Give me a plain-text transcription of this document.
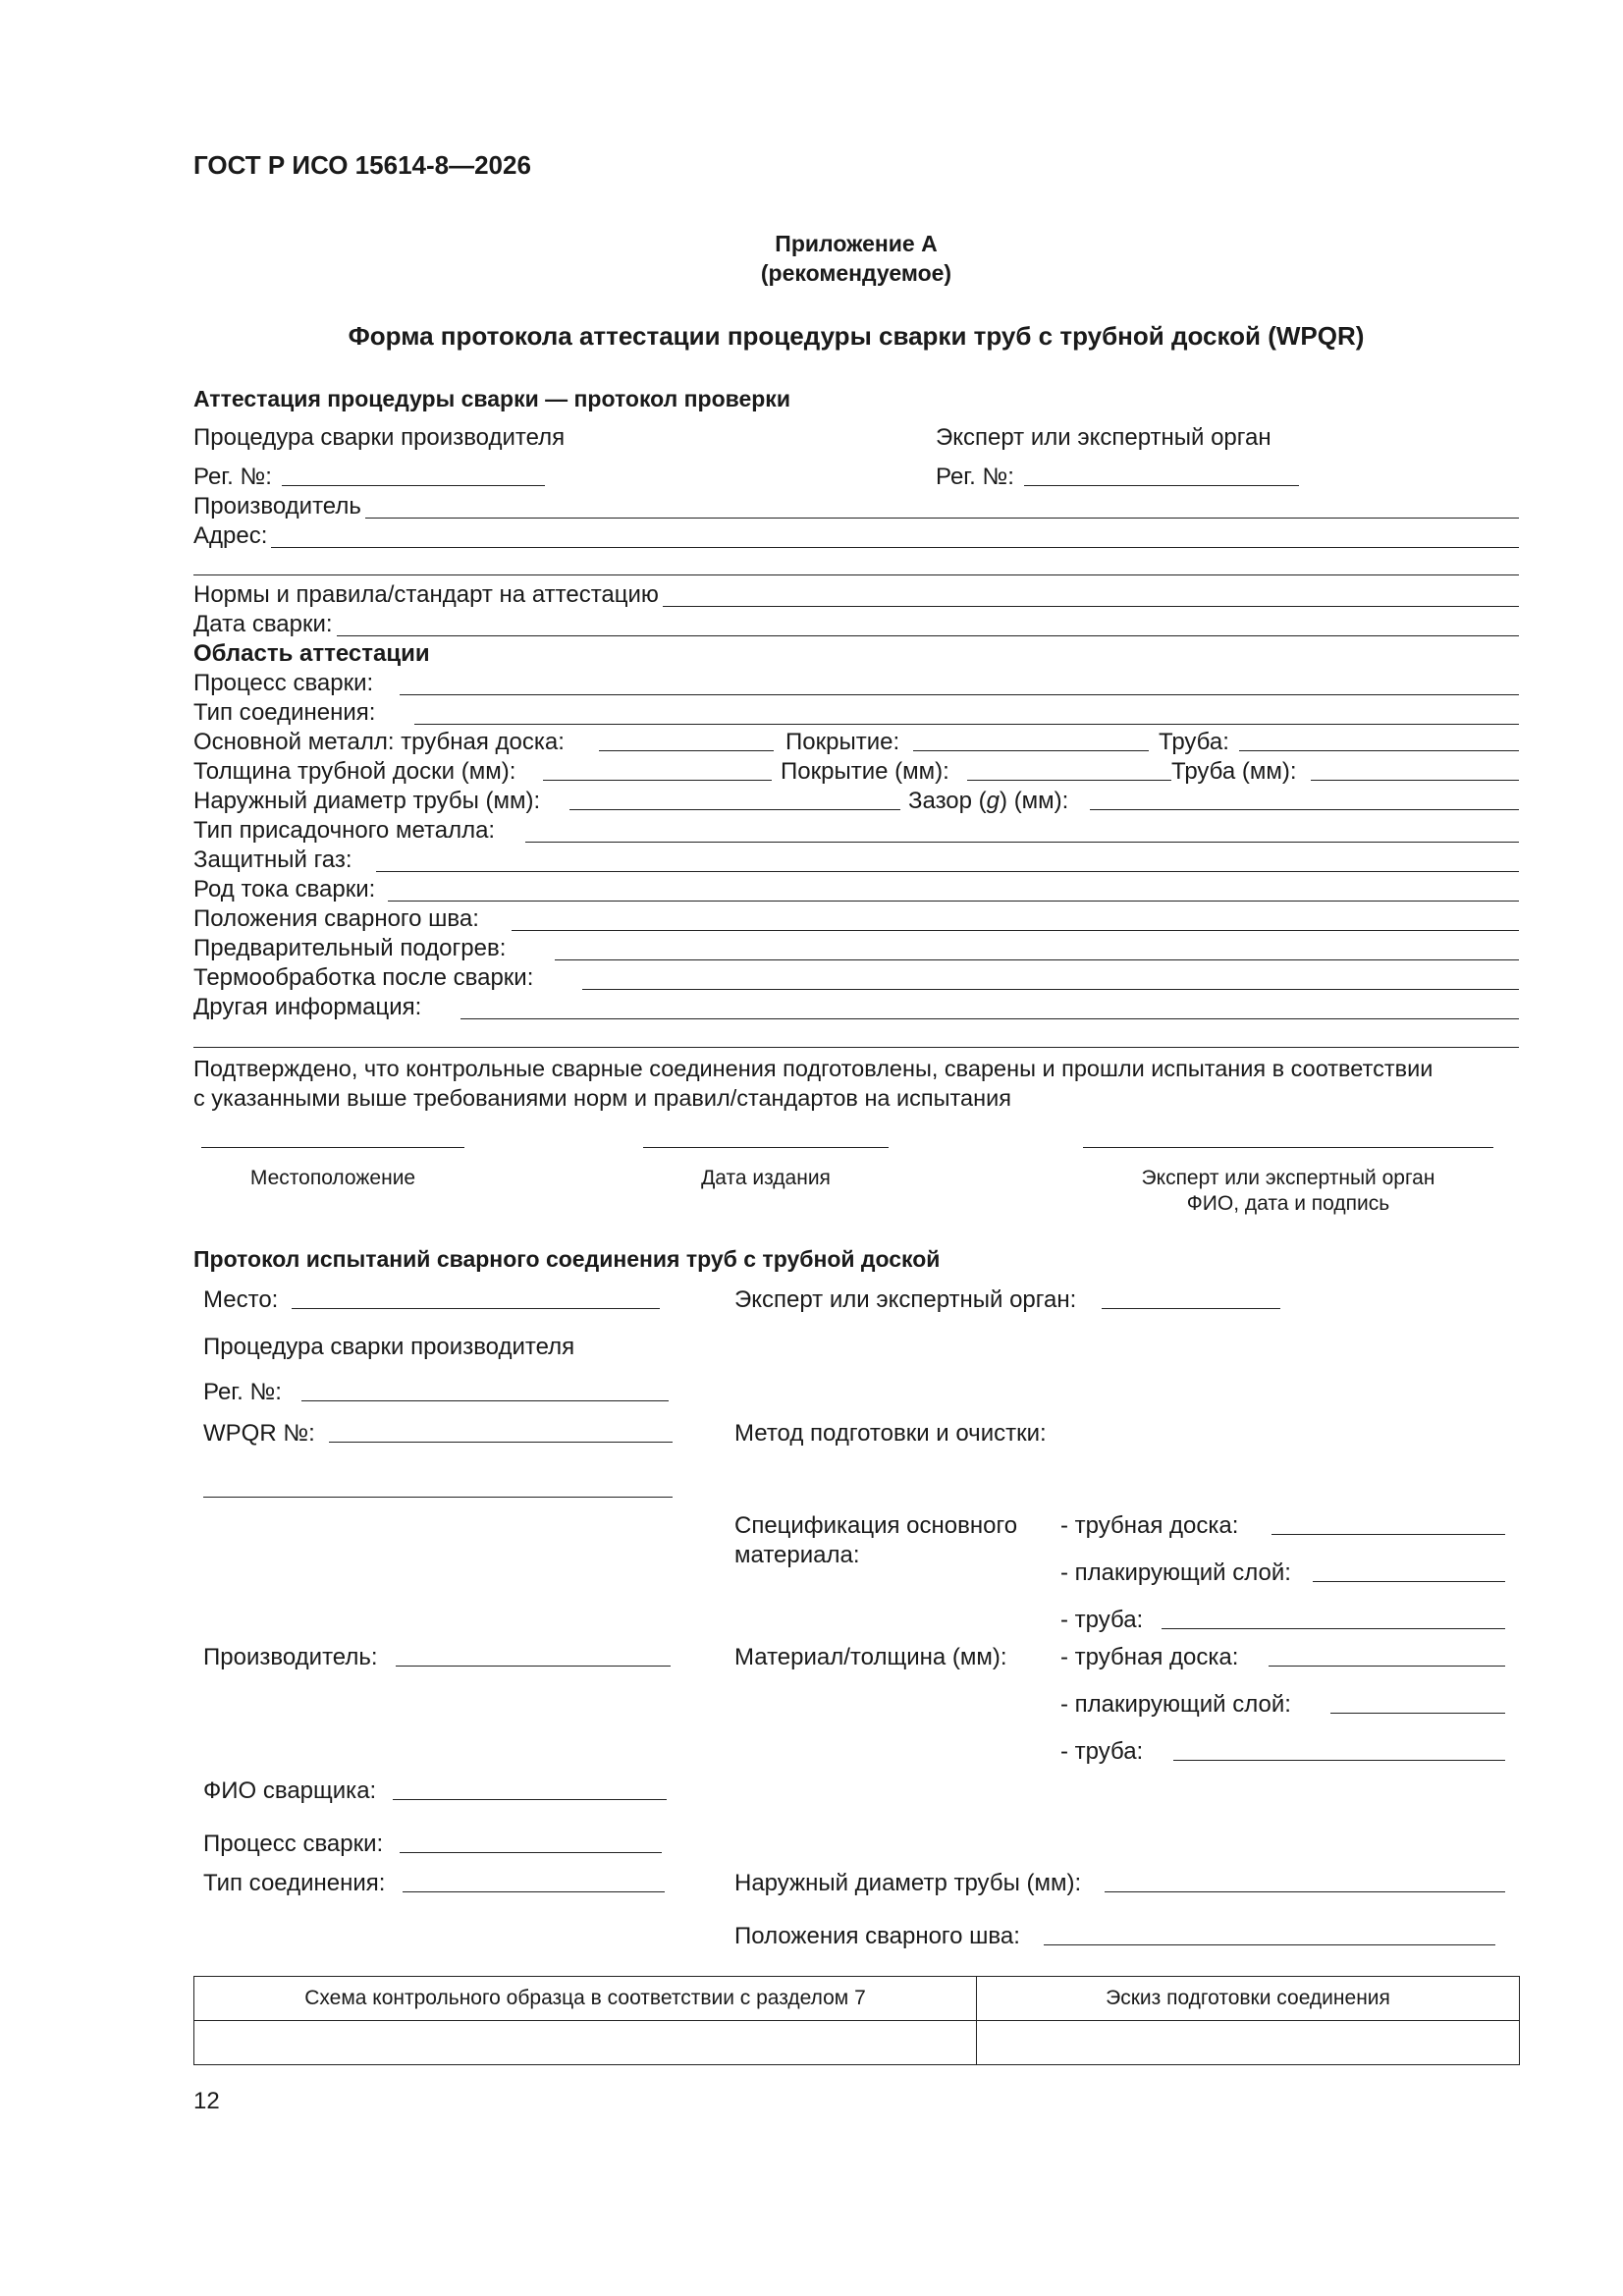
ГОСТ Р ИСО 15614-8—2026
Приложение А
(рекомендуемое)
Форма протокола аттестации процедуры сварки труб с трубной доской (WPQR)
Аттестация процедуры сварки — протокол проверки
Процедура сварки производителя	Эксперт или экспертный орган
Рег. №:	Рег. №:
Производитель
Адрес:
Нормы и правила/стандарт на аттестацию
Дата сварки:
Область аттестации
Процесс сварки:
Тип соединения:
Основной металл: трубная доска:	Покрытие:	Труба:
Толщина трубной доски (мм):	Покрытие (мм):	Труба (мм):
Наружный диаметр трубы (мм):	Зазор (g) (мм):
Тип присадочного металла:
Защитный газ:
Род тока сварки:
Положения сварного шва:
Предварительный подогрев:
Термообработка после сварки:
Другая информация:
Подтверждено, что контрольные сварные соединения подготовлены, сварены и прошли испытания в соответствии
с указанными выше требованиями норм и правил/стандартов на испытания
Местоположение	Дата издания	Эксперт или экспертный орган
ФИО, дата и подпись
Протокол испытаний сварного соединения труб с трубной доской
Место:	Эксперт или экспертный орган:
Процедура сварки производителя
Рег. №:
WPQR №:	Метод подготовки и очистки:
Спецификация основного
материала:
- трубная доска:
- плакирующий слой:
- труба:
Производитель:	Материал/толщина (мм): - трубная доска:
- плакирующий слой:
- труба:
ФИО сварщика:
Процесс сварки:
Тип соединения:	Наружный диаметр трубы (мм):
Положения сварного шва:
Схема контрольного образца в соответствии с разделом 7	Эскиз подготовки соединения

12
